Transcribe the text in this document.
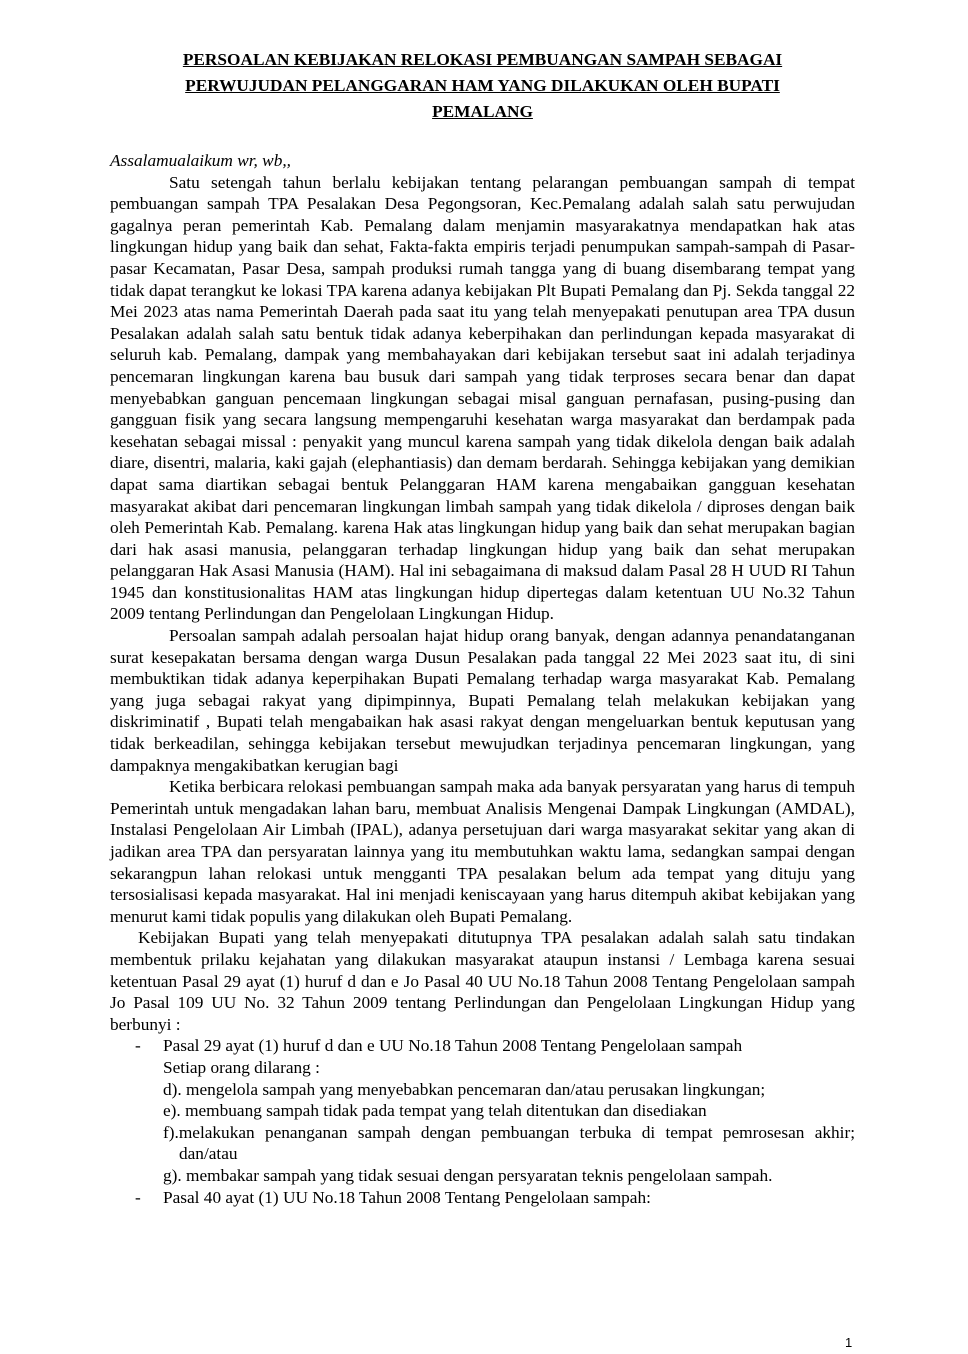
PERSOALAN KEBIJAKAN RELOKASI PEMBUANGAN SAMPAH SEBAGAI
PERWUJUDAN PELANGGARAN HAM YANG DILAKUKAN OLEH BUPATI
PEMALANG

Assalamualaikum wr, wb,,

Satu setengah tahun berlalu kebijakan tentang pelarangan pembuangan sampah di tempat pembuangan sampah TPA Pesalakan Desa Pegongsoran, Kec.Pemalang adalah salah satu perwujudan gagalnya peran pemerintah Kab. Pemalang dalam menjamin masyarakatnya mendapatkan hak atas lingkungan hidup yang baik dan sehat, Fakta-fakta empiris terjadi penumpukan sampah-sampah di Pasar-pasar Kecamatan, Pasar Desa, sampah produksi rumah tangga yang di buang disembarang tempat yang tidak dapat terangkut ke lokasi TPA karena adanya kebijakan Plt Bupati Pemalang dan Pj. Sekda tanggal 22 Mei 2023 atas nama Pemerintah Daerah pada saat itu yang telah menyepakati penutupan area TPA dusun Pesalakan adalah salah satu bentuk tidak adanya keberpihakan dan perlindungan kepada masyarakat di seluruh kab. Pemalang, dampak yang membahayakan dari kebijakan tersebut saat ini adalah terjadinya pencemaran lingkungan karena bau busuk dari sampah yang tidak terproses secara benar dan dapat menyebabkan ganguan pencemaan lingkungan sebagai misal ganguan pernafasan, pusing-pusing dan gangguan fisik yang secara langsung mempengaruhi kesehatan warga masyarakat dan berdampak pada kesehatan sebagai missal : penyakit yang muncul karena sampah yang tidak dikelola dengan baik adalah diare, disentri, malaria, kaki gajah (elephantiasis) dan demam berdarah. Sehingga kebijakan yang demikian dapat sama diartikan sebagai bentuk Pelanggaran HAM karena mengabaikan gangguan kesehatan masyarakat akibat dari pencemaran lingkungan limbah sampah yang tidak dikelola / diproses dengan baik oleh Pemerintah Kab. Pemalang. karena Hak atas lingkungan hidup yang baik dan sehat merupakan bagian dari hak asasi manusia, pelanggaran terhadap lingkungan hidup yang baik dan sehat merupakan pelanggaran Hak Asasi Manusia (HAM). Hal ini sebagaimana di maksud dalam Pasal 28 H UUD RI Tahun 1945 dan konstitusionalitas HAM atas lingkungan hidup dipertegas dalam ketentuan UU No.32 Tahun 2009 tentang Perlindungan dan Pengelolaan Lingkungan Hidup.

Persoalan sampah adalah persoalan hajat hidup orang banyak, dengan adannya penandatanganan surat kesepakatan bersama dengan warga Dusun Pesalakan pada tanggal 22 Mei 2023 saat itu, di sini membuktikan tidak adanya keperpihakan Bupati Pemalang terhadap warga masyarakat Kab. Pemalang yang juga sebagai rakyat yang dipimpinnya, Bupati Pemalang telah melakukan kebijakan yang diskriminatif , Bupati telah mengabaikan hak asasi rakyat dengan mengeluarkan bentuk keputusan yang tidak berkeadilan, sehingga kebijakan tersebut mewujudkan terjadinya pencemaran lingkungan, yang dampaknya mengakibatkan kerugian bagi

Ketika berbicara relokasi pembuangan sampah maka ada banyak persyaratan yang harus di tempuh Pemerintah untuk mengadakan lahan baru, membuat Analisis Mengenai Dampak Lingkungan (AMDAL), Instalasi Pengelolaan Air Limbah (IPAL), adanya persetujuan dari warga masyarakat sekitar yang akan di jadikan area TPA dan persyaratan lainnya yang itu membutuhkan waktu lama, sedangkan sampai dengan sekarangpun lahan relokasi untuk mengganti TPA pesalakan belum ada tempat yang dituju yang tersosialisasi kepada masyarakat. Hal ini menjadi keniscayaan yang harus ditempuh akibat kebijakan yang menurut kami tidak populis yang dilakukan oleh Bupati Pemalang.

Kebijakan Bupati yang telah menyepakati ditutupnya TPA pesalakan adalah salah satu tindakan membentuk prilaku kejahatan yang dilakukan masyarakat ataupun instansi / Lembaga karena sesuai ketentuan Pasal 29 ayat (1) huruf d dan e Jo Pasal 40 UU No.18 Tahun 2008 Tentang Pengelolaan sampah Jo Pasal 109 UU No. 32 Tahun 2009 tentang Perlindungan dan Pengelolaan Lingkungan Hidup yang berbunyi :

- Pasal 29 ayat (1) huruf d dan e UU No.18 Tahun 2008 Tentang Pengelolaan sampah

Setiap orang dilarang :

d). mengelola sampah yang menyebabkan pencemaran dan/atau perusakan lingkungan;

e). membuang sampah tidak pada tempat yang telah ditentukan dan disediakan

f).melakukan penanganan sampah dengan pembuangan terbuka di tempat pemrosesan akhir; dan/atau

g). membakar sampah yang tidak sesuai dengan persyaratan teknis pengelolaan sampah.

- Pasal 40 ayat (1) UU No.18 Tahun 2008 Tentang Pengelolaan sampah:

1
